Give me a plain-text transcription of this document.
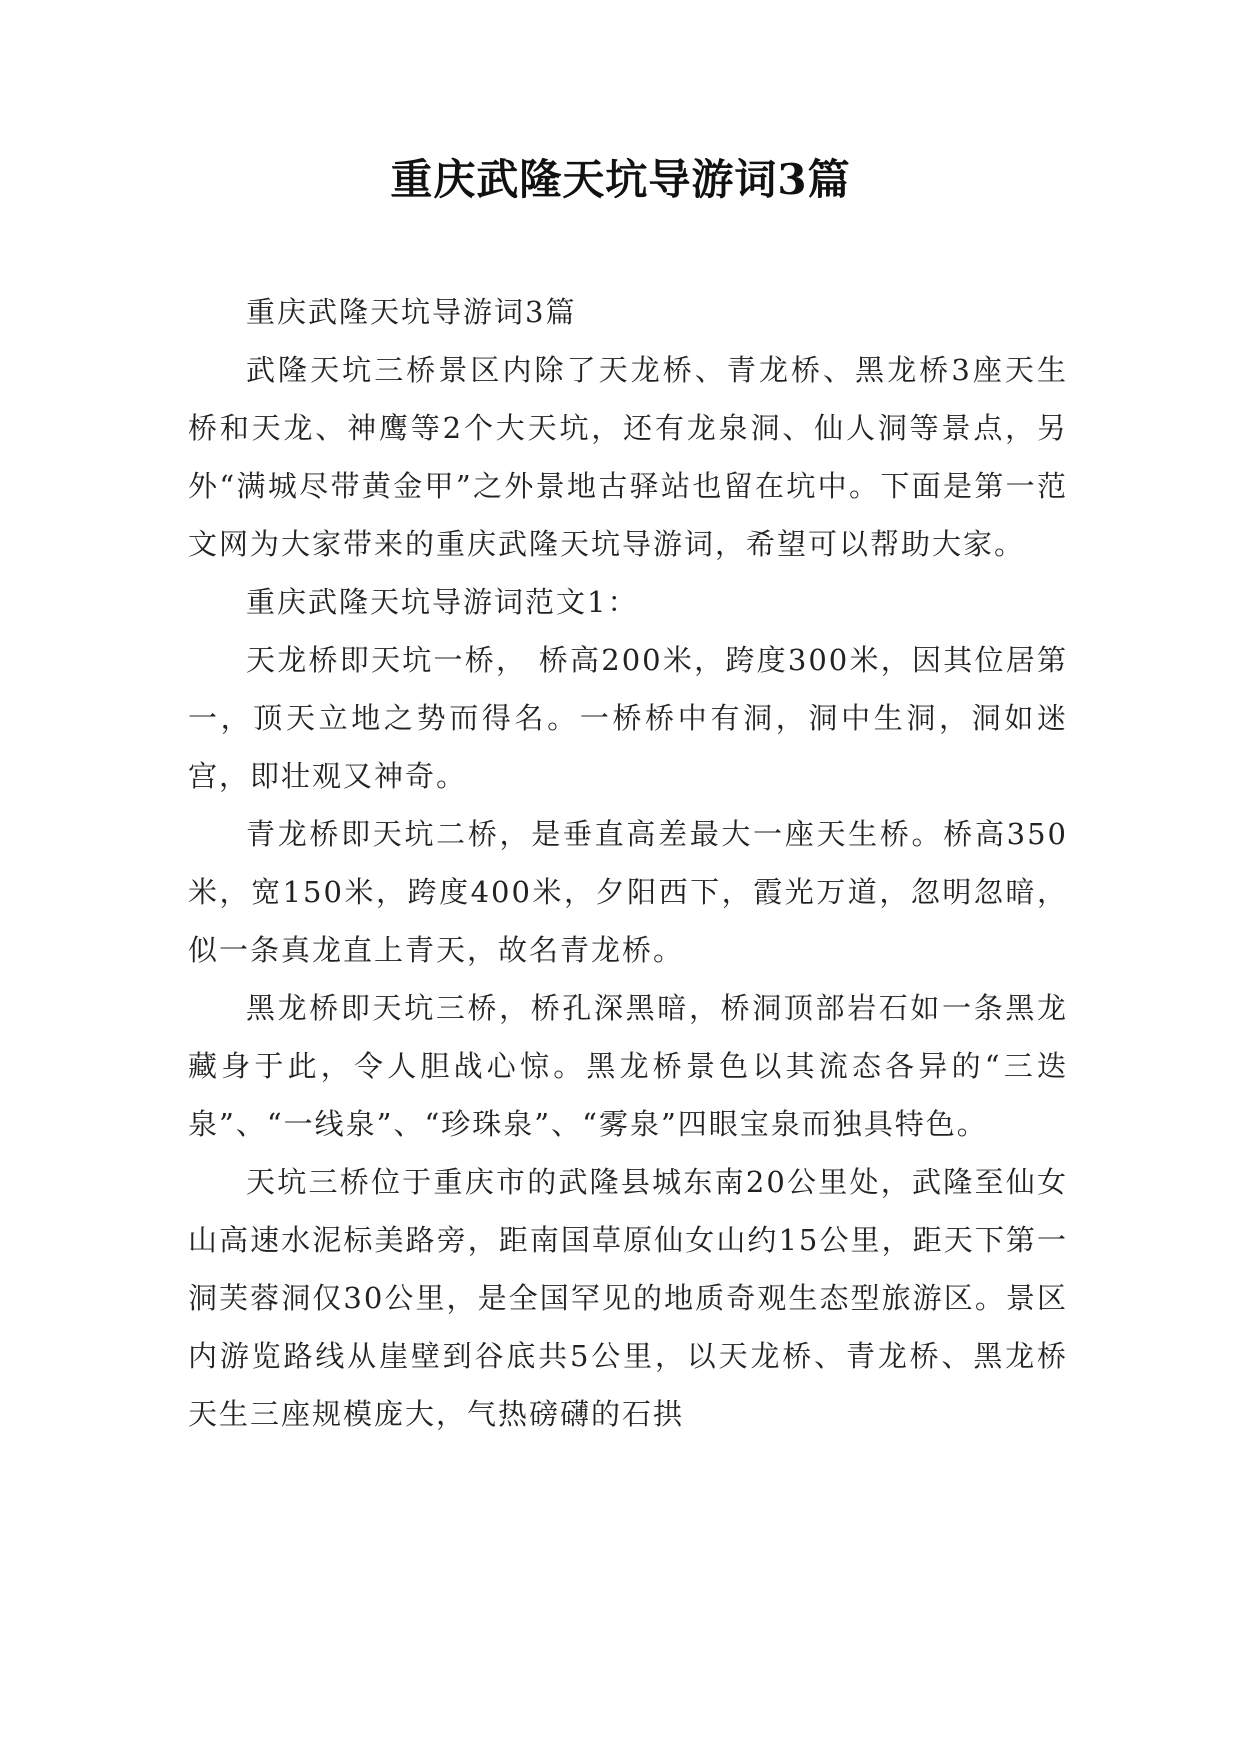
重庆武隆天坑导游词3篇

重庆武隆天坑导游词3篇

武隆天坑三桥景区内除了天龙桥、青龙桥、黑龙桥3座天生桥和天龙、神鹰等2个大天坑，还有龙泉洞、仙人洞等景点，另外“满城尽带黄金甲”之外景地古驿站也留在坑中。下面是第一范文网为大家带来的重庆武隆天坑导游词，希望可以帮助大家。

重庆武隆天坑导游词范文1：

天龙桥即天坑一桥， 桥高200米，跨度300米，因其位居第一，顶天立地之势而得名。一桥桥中有洞，洞中生洞，洞如迷宫，即壮观又神奇。

青龙桥即天坑二桥，是垂直高差最大一座天生桥。桥高350米，宽150米，跨度400米，夕阳西下，霞光万道，忽明忽暗，似一条真龙直上青天，故名青龙桥。

黑龙桥即天坑三桥，桥孔深黑暗，桥洞顶部岩石如一条黑龙藏身于此，令人胆战心惊。黑龙桥景色以其流态各异的“三迭泉”、“一线泉”、“珍珠泉”、“雾泉”四眼宝泉而独具特色。

天坑三桥位于重庆市的武隆县城东南20公里处，武隆至仙女山高速水泥标美路旁，距南国草原仙女山约15公里，距天下第一洞芙蓉洞仅30公里，是全国罕见的地质奇观生态型旅游区。景区内游览路线从崖壁到谷底共5公里，以天龙桥、青龙桥、黑龙桥天生三座规模庞大，气热磅礴的石拱
